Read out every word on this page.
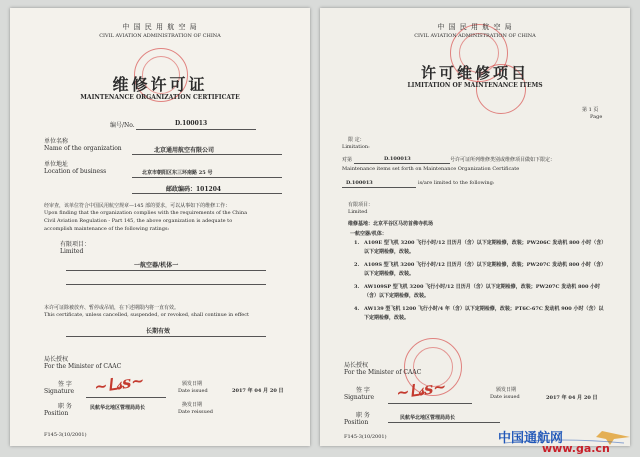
中 国 民 用 航 空 局
CIVIL AVIATION ADMINISTRATION OF CHINA
维修许可证
MAINTENANCE ORGANIZATION CERTIFICATE
编号/No.	D.100013
单位名称
Name of the organization	北京通用航空有限公司
单位地址
Location of business	北京市朝阳区东三环南路 25 号
邮政编码：101204
经审查，该单位符合中国民用航空规章—145 部的要求，可以从事如下的维修工作：
Upon finding that the organization complies with the requirements of the China
Civil Aviation Regulation - Part 145, the above organization is adequate to
accomplish maintenance of the following ratings:
有限项目：
Limited
一航空器/机体一
本许可证除被放弃、暂停或吊销，在下述期限内将一直有效。
This certificate, unless cancelled, suspended, or revoked, shall continue in effect
长期有效
局长授权
For the Minister of CAAC
签 字
Signature ~ᒪ𝓈ꜱ~	颁发日期
Date issued	2017 年 04 月 20 日
职 务
Position
民航华北地区管理局局长	换发日期
Date reissued
F145-3(10/2001)
中 国 民 用 航 空 局
CIVIL AVIATION ADMINISTRATION OF CHINA
许可维修项目
LIMITATION OF MAINTENANCE ITEMS
第 1 页
Page
限 定：
Limitation:
对第	D.100013	号许可证所列维修类别或维修项目做如下限定：
Maintenance items set forth on Maintenance Organization Certificate
D.100013	is/are limited to the following:
有限项目：
Limited
维修基地：北京平谷区马坊首佛寺机场
一航空器/机体：
1. A109E 型飞机 3200 飞行小时/12 日历月（含）以下定期检修，改装；PW206C 发动机 800 小时（含）以下定期检修，改装。
2. A109S 型飞机 3200 飞行小时/12 日历月（含）以下定期检修，改装；PW207C 发动机 800 小时（含）以下定期检修，改装。
3. AW109SP 型飞机 3200 飞行小时/12 日历月（含）以下定期检修，改装；PW207C 发动机 800 小时（含）以下定期检修，改装。
4. AW139 型飞机 1200 飞行小时/4 年（含）以下定期检修，改装；PT6C-67C 发动机 900 小时（含）以下定期检修，改装。
局长授权
For the Minister of CAAC
签 字
Signature ~ᒪ𝓈ꜱ~	颁发日期
Date issued	2017 年 04 月 20 日
职 务
Position
民航华北地区管理局局长
F145-3(10/2001)	中国通航网
www.ga.cn
